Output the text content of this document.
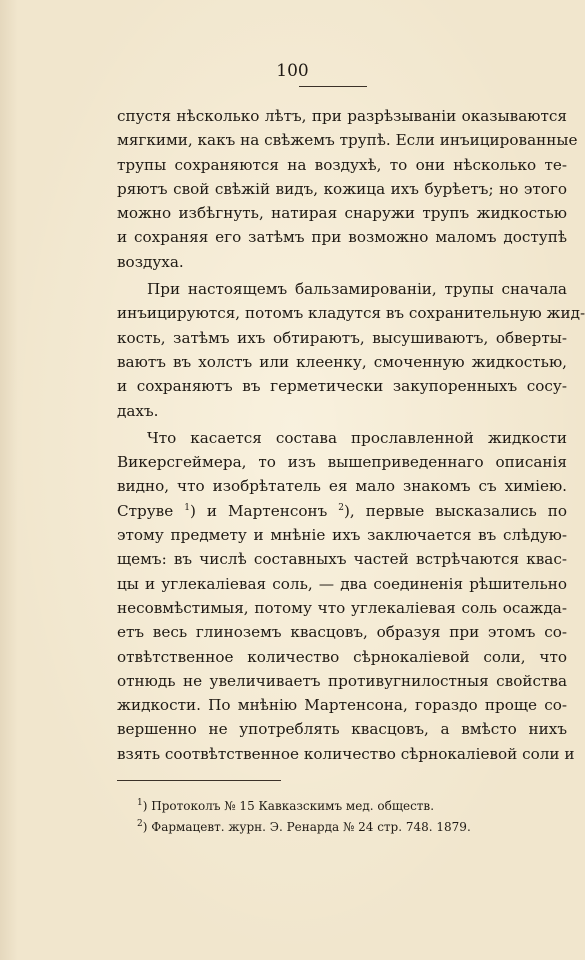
100
спустя нѣсколько лѣтъ, при разрѣзываніи оказываются
мягкими, какъ на свѣжемъ трупѣ. Если инъицированные
трупы сохраняются на воздухѣ, то они нѣсколько те-
ряютъ свой свѣжій видъ, кожица ихъ бурѣетъ; но этого
можно избѣгнуть, натирая снаружи трупъ жидкостью
и сохраняя его затѣмъ при возможно маломъ доступѣ
воздуха.
При настоящемъ бальзамированіи, трупы сначала
инъицируются, потомъ кладутся въ сохранительную жид-
кость, затѣмъ ихъ обтираютъ, высушиваютъ, обверты-
ваютъ въ холстъ или клеенку, смоченную жидкостью,
и сохраняютъ въ герметически закупоренныхъ сосу-
дахъ.
Что касается состава прославленной жидкости
Викерсгеймера, то изъ вышеприведеннаго описанія
видно, что изобрѣтатель ея мало знакомъ съ химіею.
Струве $^1$) и Мартенсонъ $^2$), первые высказались по
этому предмету и мнѣніе ихъ заключается въ слѣдую-
щемъ: въ числѣ составныхъ частей встрѣчаются квас-
цы и углекаліевая соль, — два соединенія рѣшительно
несовмѣстимыя, потому что углекаліевая соль осажда-
етъ весь глиноземъ квасцовъ, образуя при этомъ со-
отвѣтственное количество сѣрнокаліевой соли, что
отнюдь не увеличиваетъ противугнилостныя свойства
жидкости. По мнѣнію Мартенсона, гораздо проще со-
вершенно не употреблять квасцовъ, а вмѣсто нихъ
взять соотвѣтственное количество сѣрнокаліевой соли и
$^1$) Протоколъ № 15 Кавказскимъ мед. обществ.
$^2$) Фармацевт. журн. Э. Ренарда № 24 стр. 748. 1879.
